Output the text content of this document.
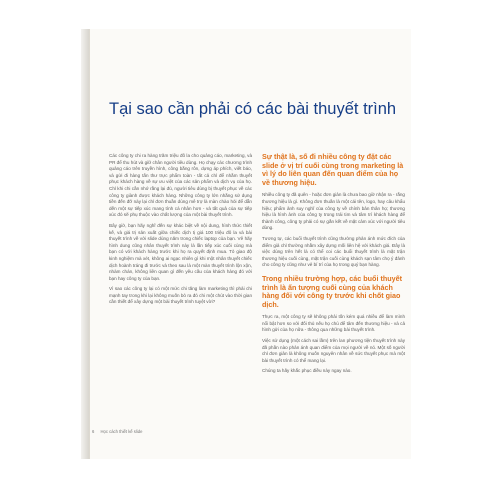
Tại sao cần phải có các bài thuyết trình

Các công ty chi ra hàng trăm triệu đô la cho quảng cáo, marketing, và PR để thu hút và giữ chân người tiêu dùng. Họ chạy các chương trình quảng cáo trên truyền hình, công bằng rôn, dựng áp phích, viết báo, và gửi đi hàng tấn thư trực phẩm toàn - tất cả chỉ để nhắm thuyết phục khách hàng về sự ưu việt của các sản phẩm và dịch vụ của họ. Chỉ khi chi cần nhớ rằng lại đủ, người tiêu dùng bị thuyết phục về các công ty giành được khách hàng. Những công ty lớn nhằng sử dụng tiền đến đỡ này lại chỉ đơn thuần dùng mê trợ là màn chào hỏi để dẫn dến một sự tiếp xúc mang tính cá nhân hơn - và tất quả của sự tiếp xúc đó sẽ phụ thuộc vào chất lượng của một bài thuyết trình.

Bây giờ, bạn hãy nghĩ đến sự khác biệt về nội dung, hình thức thiết kế, và giá trị sản xuất giữa chiếc dịch tị giá 100 triệu đô la và bài thuyết trình về với slide dùng năm trong chiếc laptop của bạn. Vê hãy hình dung cũng nhân thuyết trình này là lần tiếp xúc cuối cùng mà bạn có với khách hàng trước khi họ ra quyết định mua. Tỏ giao độ kinh nghiệm mà xét, không ai ngạc nhiên gì khi một nhân thuyết chiếc dịch hoành tráng đi trước và theo sau là một màn thuyết trình lộn xộn, nhàm chán, không liên quan gì đến yêu cầu của khách hàng đó với bạn hay công ty của bạn.

Vì sao các công ty lại có một mức chi tăng làm marketing thì phải chi mạnh tay trong khi lại không muốn bỏ ra đó chi một chút vào thời gian cần thiết để xây dựng một bài thuyết trình tuyệt vời?

Sự thật là, số đi nhiều công ty đặt các slide ở vị trí cuối cùng trong marketing là vì lý do liên quan đến quan điểm của họ về thương hiệu.

Nhiều công ty đã quên - hoặc đơn giản là chưa bao giờ nhận ra - rằng thương hiệu là gì. Không đơn thuần là một cái tên, logo, hay câu khẩu hiệu; phẩm ảnh suy nghĩ của công ty về chính bản thân họ; thương hiệu là hình ảnh của công ty trong trái tim và tâm trí khách hàng để thành công, công ty phải có sự gắn kết về mặt cảm xúc với người tiêu dùng.

Tương tự, các buổi thuyết trình cũng thường phản ánh mức đích của điểm giả chỉ thường nhằm xây dựng mối liên hệ với khách giá. Đây là việc dùng trên hết là có thể coi các buổi thuyết trình là mặt trận thương hiệu cuối cùng, mặt trận cuối cùng khách sạn tâm chọ ý đảnh cho công ty cũng như vẻ bí trí của họ trong quý bạn hàng.

Trong nhiều trường hợp, các buổi thuyết trình là ấn tượng cuối cùng của khách hàng đối với công ty trước khi chốt giao dịch.

Thực ra, một công ty sẽ không phải tốn kém quá nhiều để làm mình nổi bật hơn so với đối thủ nếu họ chú để tâm đến thương hiệu - và cả hình gửi của họ nữa - thông qua những bài thuyết trình.

Việc sử dụng (một cách sai lầm) trên lan phương tiện thuyết trình này đã phần nào phản ánh quan điểm của mọi người về nó. Một số người chỉ đơn giản là không muốn nguyên nhân về sức thuyết phục mà một bài thuyết trình có thể mang lại.

Chúng ta hãy khắc phục điều này ngay nào.

6 Học cách thiết kế slide
